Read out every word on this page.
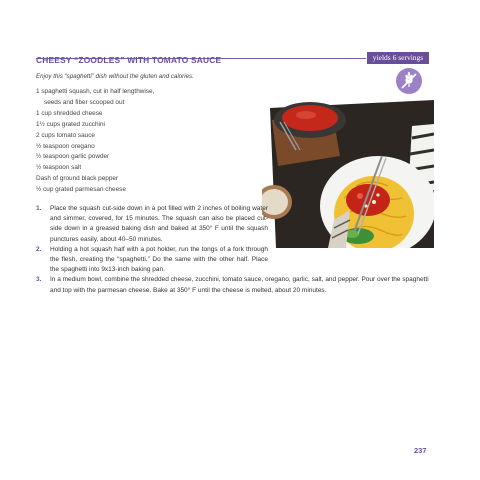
yields 6 servings
CHEESY “ZOODLES” WITH TOMATO SAUCE

Enjoy this “spaghetti” dish without the gluten and calories.

1 spaghetti squash, cut in half lengthwise,
seeds and fiber scooped out
1 cup shredded cheese
1½ cups grated zucchini
2 cups tomato sauce
½ teaspoon oregano
½ teaspoon garlic powder
½ teaspoon salt
Dash of ground black pepper
½ cup grated parmesan cheese
1. Place the squash cut-side down in a pot filled with 2 inches of boiling water and simmer, covered, for 15 minutes. The squash can also be placed cut-side down in a greased baking dish and baked at 350° F until the squash punctures easily, about 40–50 minutes.
2. Holding a hot squash half with a pot holder, run the tongs of a fork through the flesh, creating the “spaghetti.” Do the same with the other half. Place the spaghetti into 9x13-inch baking pan.
3. In a medium bowl, combine the shredded cheese, zucchini, tomato sauce, oregano, garlic, salt, and pepper. Pour over the spaghetti and top with the parmesan cheese. Bake at 350° F until the cheese is melted, about 20 minutes.
237
